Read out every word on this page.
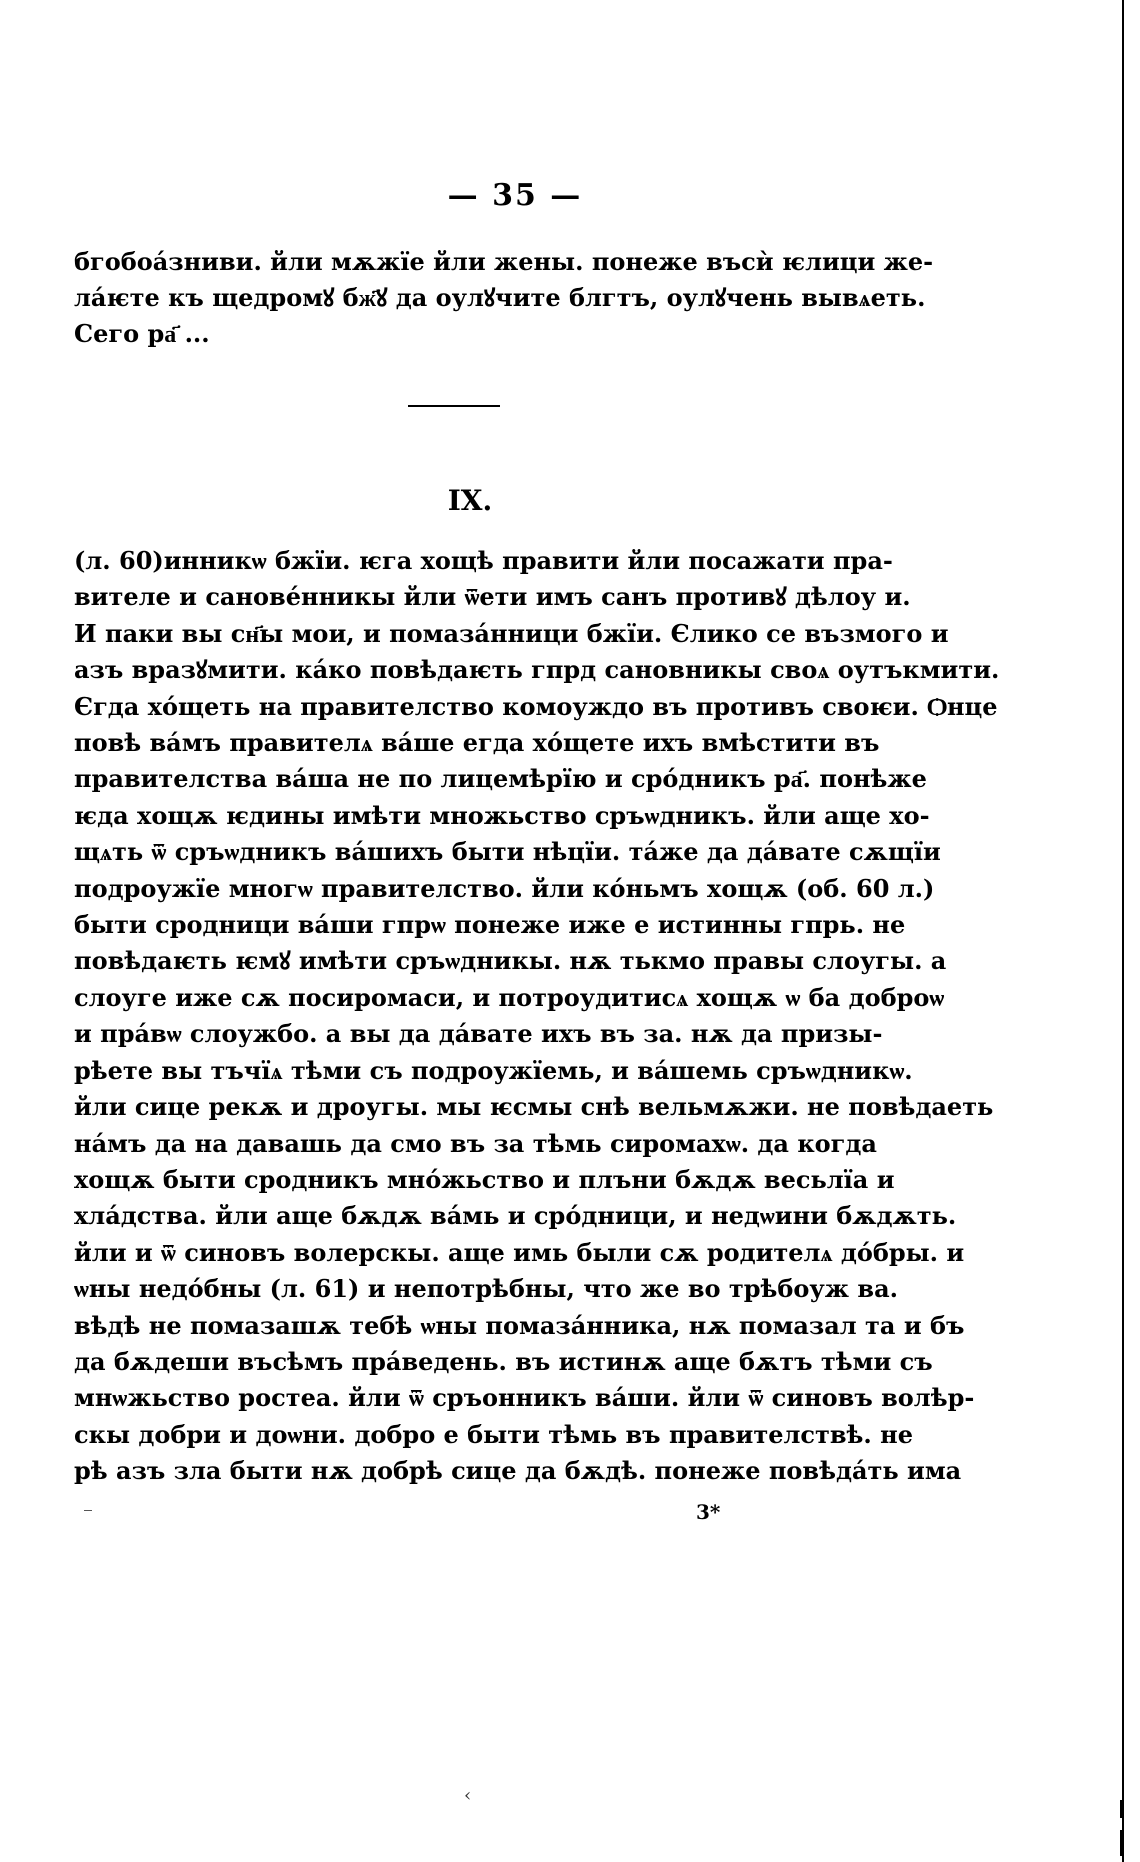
— 35 —
бгобоа́зниви. йли мѫжїе йли жены. понеже въсѝ ѥлици же-
ла́ѥте къ щедромꙋ бж҃ꙋ да оулꙋчите блгтъ, оулꙋчень вывѧеть.
Сего ра҃ ...
IX.
(л. 60)инникѡ бжїи. ѥга хощѣ правити йли посажати пра-
вителе и санове́нникы йли ѿети имъ санъ противꙋ дѣлоу и.
И паки вы сн҃ы мои, и помаза́нници бжїи. Єлико се възмого и
азъ вразꙋмити. ка́ко повѣдаѥть гпрд сановникы своѧ оутъкмити.
Єгда хо́щеть на правителство комоуждо въ противъ своѥи. Ѻнце
повѣ ва́мъ правителѧ ва́ше егда хо́щете ихъ вмѣстити въ
правителства ва́ша не по лицемѣрїю и сро́дникъ ра҃. понѣже
ѥда хощѫ ѥдины имѣти множьство сръѡдникъ. йли аще хо-
щѧть ѿ сръѡдникъ ва́шихъ быти нѣцїи. та́же да да́вате сѫщїи
подроужїе многѡ правителство. йли ко́ньмъ хощѫ (об. 60 л.)
быти сродници ва́ши гпрѡ понеже иже е истинны гпрь. не
повѣдаѥть ѥмꙋ имѣти сръѡдникы. нѫ тькмо правы слоугы. а
слоуге иже сѫ посиромаси, и потроудитисѧ хощѫ ѡ ба доброѡ
и пра́вѡ слоужбо. а вы да да́вате ихъ въ за. нѫ да призы-
рѣете вы тъчїѧ тѣми съ подроужїемь, и ва́шемь сръѡдникѡ.
йли сице рекѫ и дроугы. мы ѥсмы снѣ вельмѫжи. не повѣдаеть
на́мъ да на давашь да смо въ за тѣмь сиромахѡ. да когда
хощѫ быти сродникъ мно́жьство и плъни бѫдѫ весьлїа и
хла́дства. йли аще бѫдѫ ва́мь и сро́дници, и недѡини бѫдѫть.
йли и ѿ синовъ волерскы. аще имь были сѫ родителѧ до́бры. и
ѡны недо́бны (л. 61) и непотрѣбны, что же во трѣбоуж ва.
вѣдѣ не помазашѫ тебѣ ѡны помаза́нника, нѫ помазал та и бъ
да бѫдеши въсѣмъ пра́ведень. въ истинѫ аще бѫтъ тѣми съ
мнѡжьство ростеа. йли ѿ сръонникъ ва́ши. йли ѿ синовъ волѣр-
скы добри и доѡни. добро е быти тѣмь въ правителствѣ. не
рѣ азъ зла быти нѫ добрѣ сице да бѫдѣ. понеже повѣда́ть има
3*
‹
